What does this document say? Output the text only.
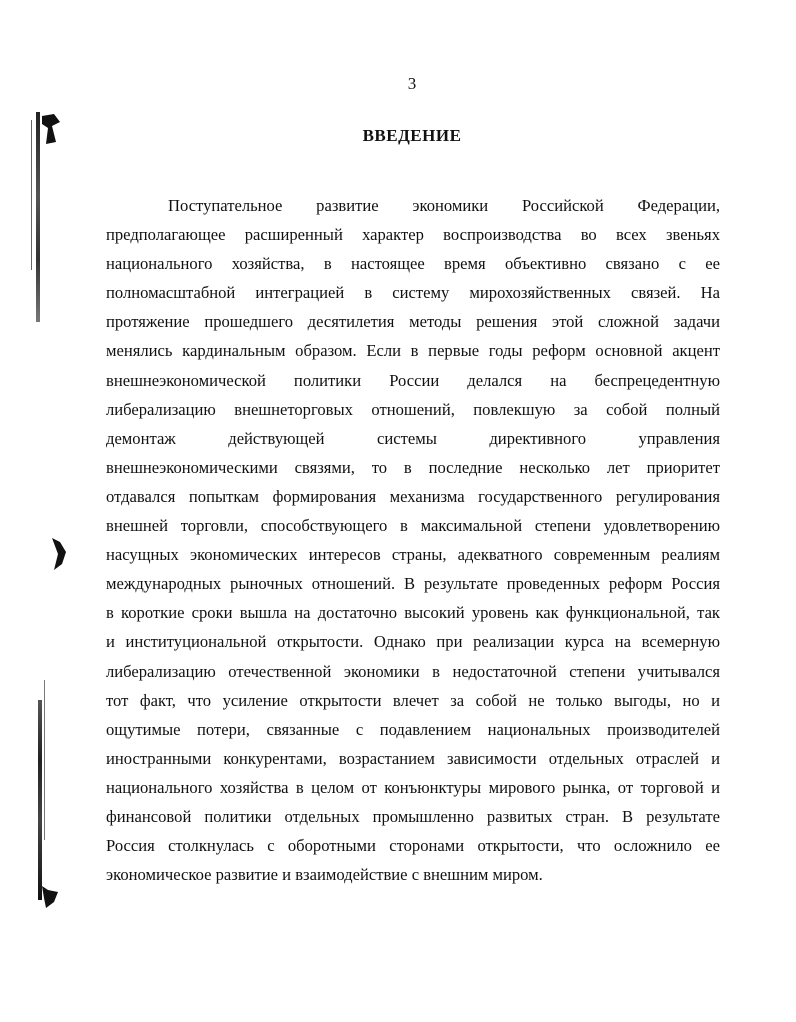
3
ВВЕДЕНИЕ
Поступательное развитие экономики Российской Федерации,
предполагающее расширенный характер воспроизводства во всех звеньях
национального хозяйства, в настоящее время объективно связано с ее
полномасштабной интеграцией в систему мирохозяйственных связей. На
протяжение прошедшего десятилетия методы решения этой сложной задачи
менялись кардинальным образом. Если в первые годы реформ основной акцент
внешнеэкономической политики России делался на беспрецедентную
либерализацию внешнеторговых отношений, повлекшую за собой полный
демонтаж действующей системы директивного управления
внешнеэкономическими связями, то в последние несколько лет приоритет
отдавался попыткам формирования механизма государственного регулирования
внешней торговли, способствующего в максимальной степени удовлетворению
насущных экономических интересов страны, адекватного современным реалиям
международных рыночных отношений. В результате проведенных реформ Россия
в короткие сроки вышла на достаточно высокий уровень как функциональной, так
и институциональной открытости. Однако при реализации курса на всемерную
либерализацию отечественной экономики в недостаточной степени учитывался
тот факт, что усиление открытости влечет за собой не только выгоды, но и
ощутимые потери, связанные с подавлением национальных производителей
иностранными конкурентами, возрастанием зависимости отдельных отраслей и
национального хозяйства в целом от конъюнктуры мирового рынка, от торговой и
финансовой политики отдельных промышленно развитых стран. В результате
Россия столкнулась с оборотными сторонами открытости, что осложнило ее
экономическое развитие и взаимодействие с внешним миром.
